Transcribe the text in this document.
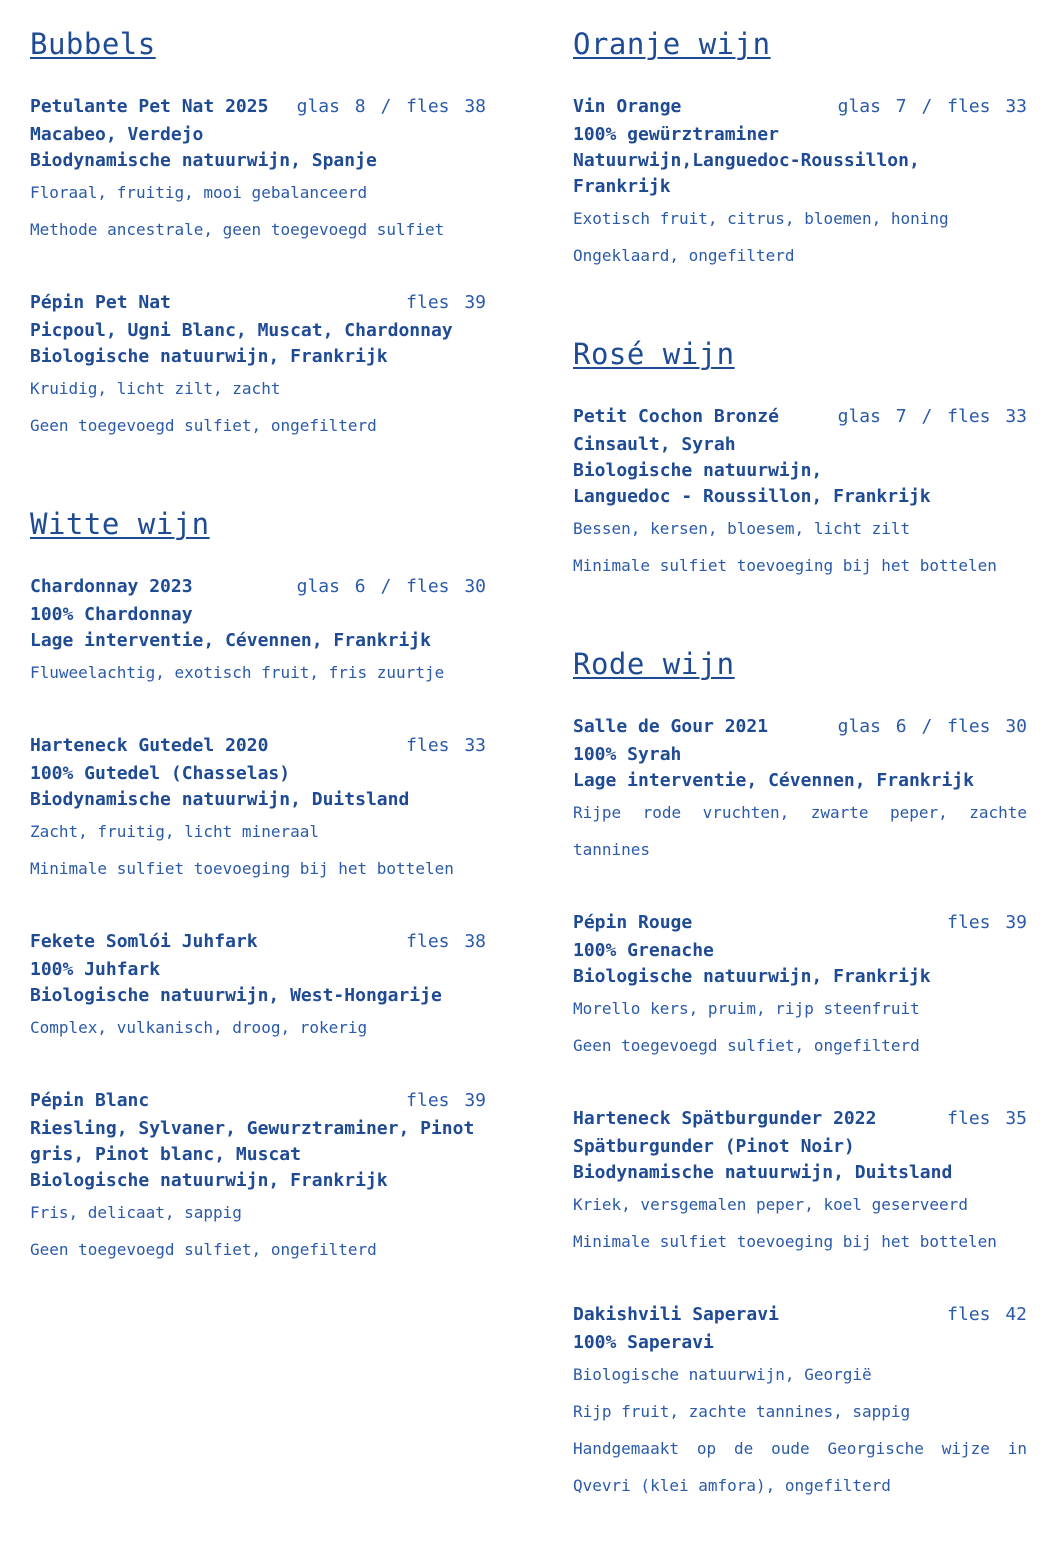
Bubbels
Petulante Pet Nat 2025 glas 8 / fles 38
Macabeo, Verdejo
Biodynamische natuurwijn, Spanje
Floraal, fruitig, mooi gebalanceerd
Methode ancestrale, geen toegevoegd sulfiet
Pépin Pet Nat	fles 39
Picpoul, Ugni Blanc, Muscat, Chardonnay
Biologische natuurwijn, Frankrijk
Kruidig, licht zilt, zacht
Geen toegevoegd sulfiet, ongefilterd
Witte wijn
Chardonnay 2023	glas 6 / fles 30
100% Chardonnay
Lage interventie, Cévennen, Frankrijk
Fluweelachtig, exotisch fruit, fris zuurtje
Harteneck Gutedel 2020	fles 33
100% Gutedel (Chasselas)
Biodynamische natuurwijn, Duitsland
Zacht, fruitig, licht mineraal
Minimale sulfiet toevoeging bij het bottelen
Fekete Somlói Juhfark	fles 38
100% Juhfark
Biologische natuurwijn, West-Hongarije
Complex, vulkanisch, droog, rokerig
Pépin Blanc	fles 39
Riesling, Sylvaner, Gewurztraminer, Pinot gris, Pinot blanc, Muscat
Biologische natuurwijn, Frankrijk
Fris, delicaat, sappig
Geen toegevoegd sulfiet, ongefilterd
Oranje wijn
Vin Orange	glas 7 / fles 33
100% gewürztraminer
Natuurwijn,Languedoc-Roussillon, Frankrijk
Exotisch fruit, citrus, bloemen, honing
Ongeklaard, ongefilterd
Rosé wijn
Petit Cochon Bronzé	glas 7 / fles 33
Cinsault, Syrah
Biologische natuurwijn,
Languedoc - Roussillon, Frankrijk
Bessen, kersen, bloesem, licht zilt
Minimale sulfiet toevoeging bij het bottelen
Rode wijn
Salle de Gour 2021	glas 6 / fles 30
100% Syrah
Lage interventie, Cévennen, Frankrijk
Rijpe rode vruchten, zwarte peper, zachte tannines
Pépin Rouge	fles 39
100% Grenache
Biologische natuurwijn, Frankrijk
Morello kers, pruim, rijp steenfruit
Geen toegevoegd sulfiet, ongefilterd
Harteneck Spätburgunder 2022	fles 35
Spätburgunder (Pinot Noir)
Biodynamische natuurwijn, Duitsland
Kriek, versgemalen peper, koel geserveerd
Minimale sulfiet toevoeging bij het bottelen
Dakishvili Saperavi	fles 42
100% Saperavi
Biologische natuurwijn, Georgië
Rijp fruit, zachte tannines, sappig
Handgemaakt op de oude Georgische wijze in Qvevri (klei amfora), ongefilterd
